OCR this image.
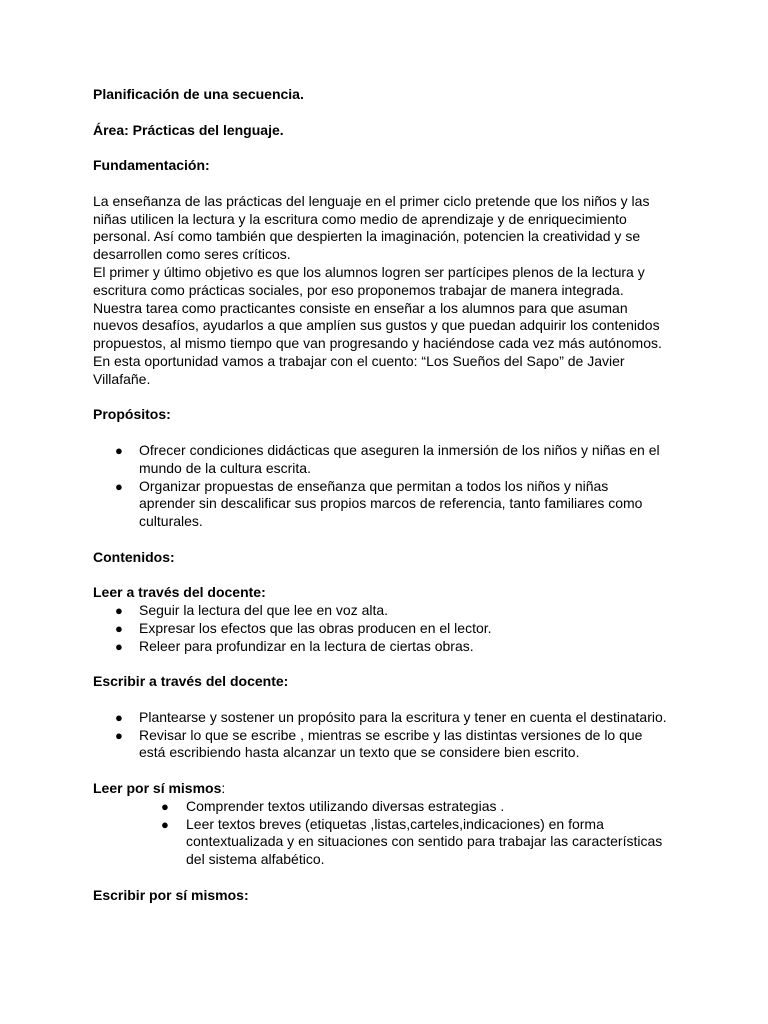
Planificación de una secuencia.

Área: Prácticas del lenguaje.

Fundamentación:

La enseñanza de las prácticas del lenguaje en el primer ciclo pretende que los niños y las

niñas utilicen la lectura y la escritura como medio de aprendizaje y de enriquecimiento

personal. Así como también que despierten la imaginación, potencien la creatividad y se

desarrollen como seres críticos.

El primer y último objetivo es que los alumnos logren ser partícipes plenos de la lectura y

escritura como prácticas sociales, por eso proponemos trabajar de manera integrada.

Nuestra tarea como practicantes consiste en enseñar a los alumnos para que asuman

nuevos desafíos, ayudarlos a que amplíen sus gustos y que puedan adquirir los contenidos

propuestos, al mismo tiempo que van progresando y haciéndose cada vez más autónomos.

En esta oportunidad vamos a trabajar con el cuento: “Los Sueños del Sapo” de Javier

Villafañe.

Propósitos:

● Ofrecer condiciones didácticas que aseguren la inmersión de los niños y niñas en el

mundo de la cultura escrita.

● Organizar propuestas de enseñanza que permitan a todos los niños y niñas

aprender sin descalificar sus propios marcos de referencia, tanto familiares como

culturales.

Contenidos:

Leer a través del docente:

● Seguir la lectura del que lee en voz alta.

● Expresar los efectos que las obras producen en el lector.

● Releer para profundizar en la lectura de ciertas obras.

Escribir a través del docente:

● Plantearse y sostener un propósito para la escritura y tener en cuenta el destinatario.

● Revisar lo que se escribe , mientras se escribe y las distintas versiones de lo que

está escribiendo hasta alcanzar un texto que se considere bien escrito.

Leer por sí mismos:

● Comprender textos utilizando diversas estrategias .

● Leer textos breves (etiquetas ,listas,carteles,indicaciones) en forma

contextualizada y en situaciones con sentido para trabajar las características

del sistema alfabético.

Escribir por sí mismos:
